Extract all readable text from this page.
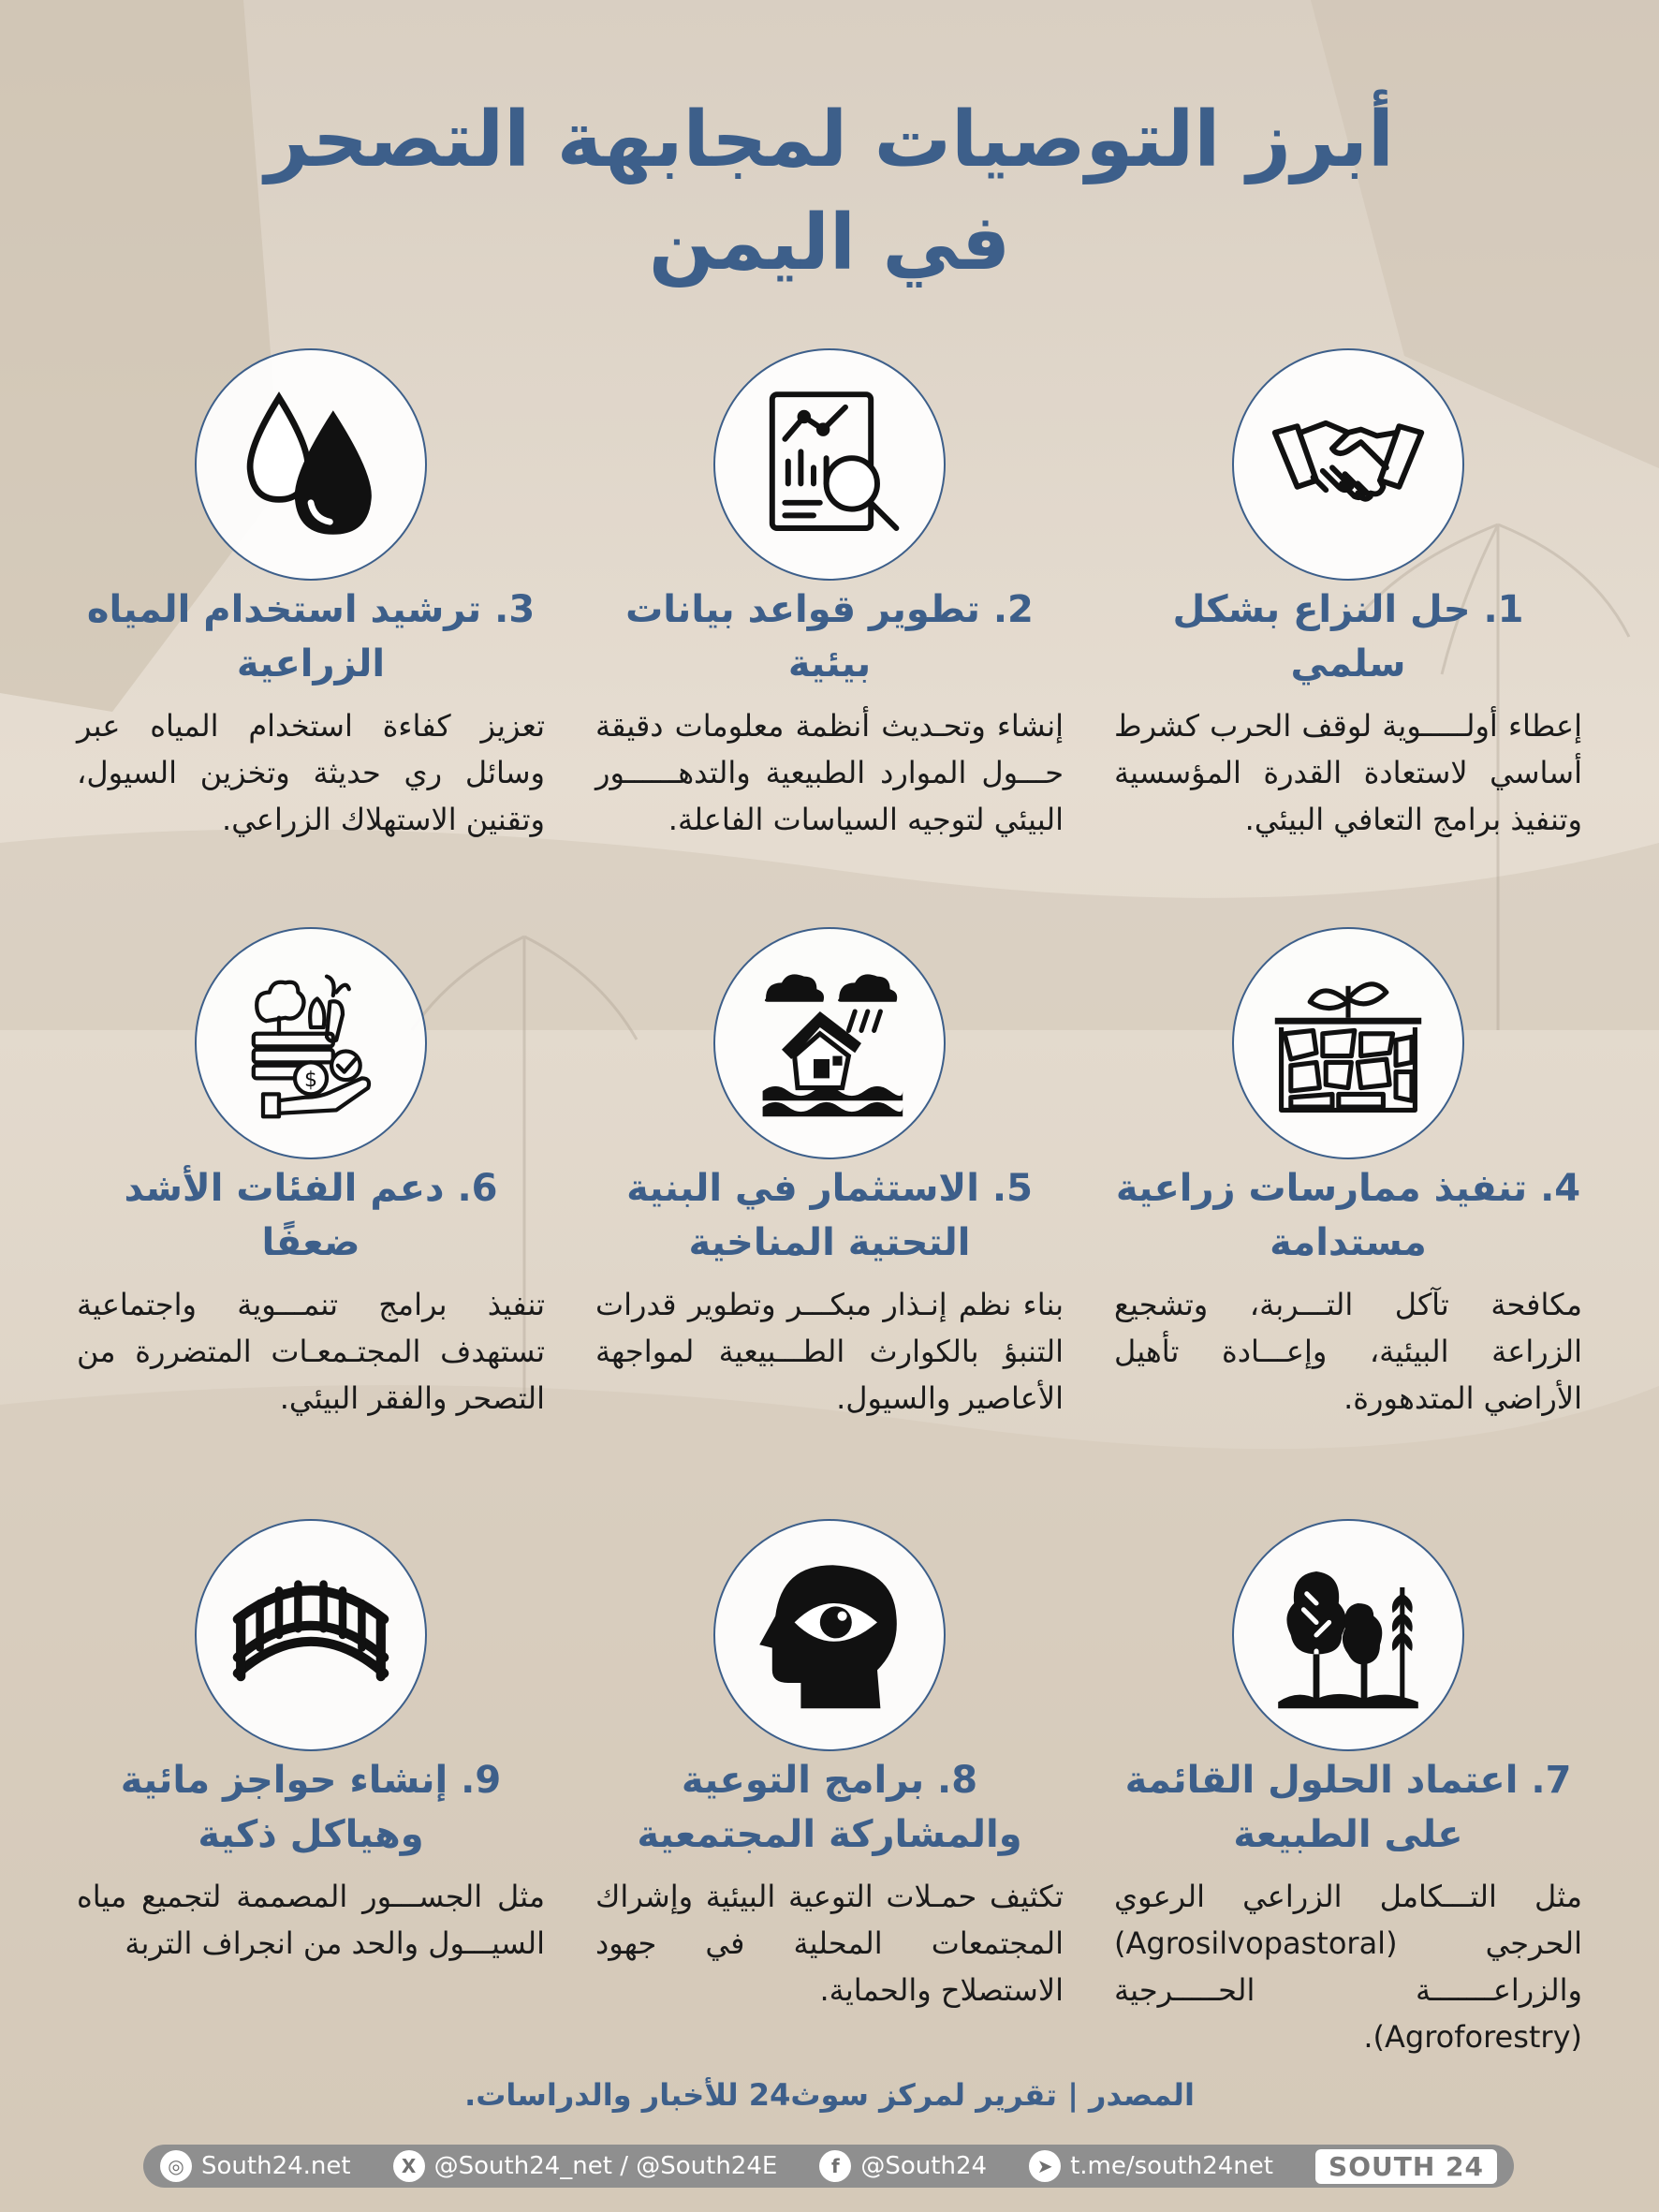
أبرز التوصيات لمجابهة التصحر
في اليمن
1. حل النزاع بشكل سلمي
إعطاء أولـــــوية لوقف الحرب كشرط أساسي لاستعادة القدرة المؤسسية وتنفيذ برامج التعافي البيئي.
2. تطوير قواعد بيانات بيئية
إنشاء وتحـديث أنظمة معلومات دقيقة حـــول الموارد الطبيعية والتدهــــــور البيئي لتوجيه السياسات الفاعلة.
3. ترشيد استخدام المياه الزراعية
تعزيز كفاءة استخدام المياه عبر وسائل ري حديثة وتخزين السيول، وتقنين الاستهلاك الزراعي.
4. تنفيذ ممارسات زراعية مستدامة
مكافحة تآكل التـــربة، وتشجيع الزراعة البيئية، وإعـــادة تأهيل الأراضي المتدهورة.
5. الاستثمار في البنية التحتية المناخية
بناء نظم إنـذار مبكـــر وتطوير قدرات التنبؤ بالكوارث الطـــبيعية لمواجهة الأعاصير والسيول.
$
6. دعم الفئات الأشد ضعفًا
تنفيذ برامج تنمـــوية واجتماعية تستهدف المجتـمعـات المتضررة من التصحر والفقر البيئي.
7. اعتماد الحلول القائمة على الطبيعة
مثل التـــكامل الزراعي الرعوي الحرجي (Agrosilvopastoral) والزراعـــــــة الحـــــرجية (Agroforestry).
8. برامج التوعية والمشاركة المجتمعية
تكثيف حمـلات التوعية البيئية وإشراك المجتمعات المحلية في جهود الاستصلاح والحماية.
9. إنشاء حواجز مائية وهياكل ذكية
مثل الجســـور المصممة لتجميع مياه السيـــول والحد من انجراف التربة
المصدر | تقرير لمركز سوث24 للأخبار والدراسات.
◎ South24.net	X @South24_net / @South24E	f @South24	➤ t.me/south24net	SOUTH 24
